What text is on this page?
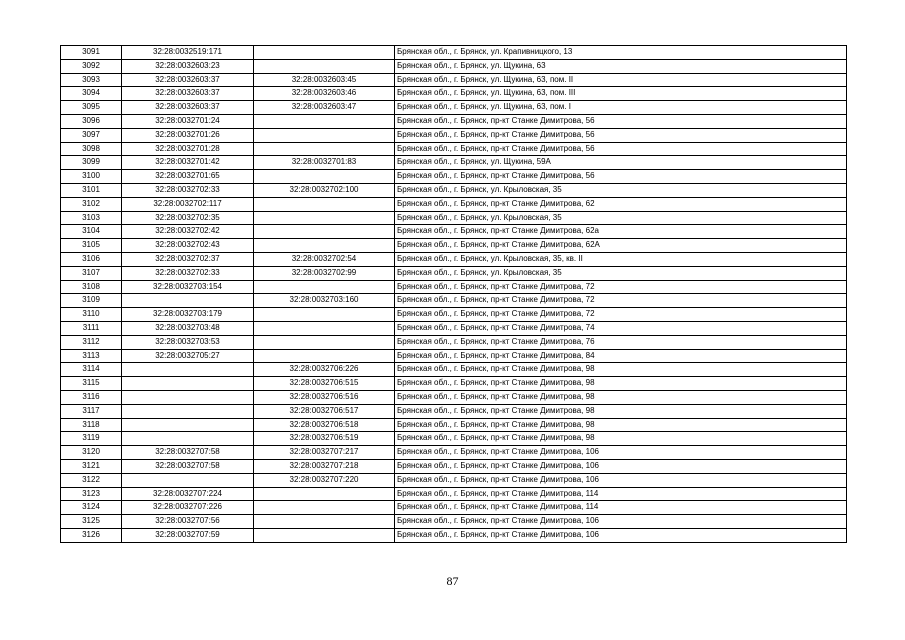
3091	32:28:0032519:171		Брянская обл., г. Брянск, ул. Крапивницкого, 13
3092	32:28:0032603:23		Брянская обл., г. Брянск, ул. Щукина, 63
3093	32:28:0032603:37	32:28:0032603:45	Брянская обл., г. Брянск, ул. Щукина, 63, пом. II
3094	32:28:0032603:37	32:28:0032603:46	Брянская обл., г. Брянск, ул. Щукина, 63, пом. III
3095	32:28:0032603:37	32:28:0032603:47	Брянская обл., г. Брянск, ул. Щукина, 63, пом. I
3096	32:28:0032701:24		Брянская обл., г. Брянск, пр-кт Станке Димитрова, 56
3097	32:28:0032701:26		Брянская обл., г. Брянск, пр-кт Станке Димитрова, 56
3098	32:28:0032701:28		Брянская обл., г. Брянск, пр-кт Станке Димитрова, 56
3099	32:28:0032701:42	32:28:0032701:83	Брянская обл., г. Брянск, ул. Щукина, 59А
3100	32:28:0032701:65		Брянская обл., г. Брянск, пр-кт Станке Димитрова, 56
3101	32:28:0032702:33	32:28:0032702:100	Брянская обл., г. Брянск, ул. Крыловская, 35
3102	32:28:0032702:117		Брянская обл., г. Брянск, пр-кт Станке Димитрова, 62
3103	32:28:0032702:35		Брянская обл., г. Брянск, ул. Крыловская, 35
3104	32:28:0032702:42		Брянская обл., г. Брянск, пр-кт Станке Димитрова, 62а
3105	32:28:0032702:43		Брянская обл., г. Брянск, пр-кт Станке Димитрова, 62А
3106	32:28:0032702:37	32:28:0032702:54	Брянская обл., г. Брянск, ул. Крыловская, 35, кв. II
3107	32:28:0032702:33	32:28:0032702:99	Брянская обл., г. Брянск, ул. Крыловская, 35
3108	32:28:0032703:154		Брянская обл., г. Брянск, пр-кт Станке Димитрова, 72
3109		32:28:0032703:160	Брянская обл., г. Брянск, пр-кт Станке Димитрова, 72
3110	32:28:0032703:179		Брянская обл., г. Брянск, пр-кт Станке Димитрова, 72
3111	32:28:0032703:48		Брянская обл., г. Брянск, пр-кт Станке Димитрова, 74
3112	32:28:0032703:53		Брянская обл., г. Брянск, пр-кт Станке Димитрова, 76
3113	32:28:0032705:27		Брянская обл., г. Брянск, пр-кт Станке Димитрова, 84
3114		32:28:0032706:226	Брянская обл., г. Брянск, пр-кт Станке Димитрова, 98
3115		32:28:0032706:515	Брянская обл., г. Брянск, пр-кт Станке Димитрова, 98
3116		32:28:0032706:516	Брянская обл., г. Брянск, пр-кт Станке Димитрова, 98
3117		32:28:0032706:517	Брянская обл., г. Брянск, пр-кт Станке Димитрова, 98
3118		32:28:0032706:518	Брянская обл., г. Брянск, пр-кт Станке Димитрова, 98
3119		32:28:0032706:519	Брянская обл., г. Брянск, пр-кт Станке Димитрова, 98
3120	32:28:0032707:58	32:28:0032707:217	Брянская обл., г. Брянск, пр-кт Станке Димитрова, 106
3121	32:28:0032707:58	32:28:0032707:218	Брянская обл., г. Брянск, пр-кт Станке Димитрова, 106
3122		32:28:0032707:220	Брянская обл., г. Брянск, пр-кт Станке Димитрова, 106
3123	32:28:0032707:224		Брянская обл., г. Брянск, пр-кт Станке Димитрова, 114
3124	32:28:0032707:226		Брянская обл., г. Брянск, пр-кт Станке Димитрова, 114
3125	32:28:0032707:56		Брянская обл., г. Брянск, пр-кт Станке Димитрова, 106
3126	32:28:0032707:59		Брянская обл., г. Брянск, пр-кт Станке Димитрова, 106
87
